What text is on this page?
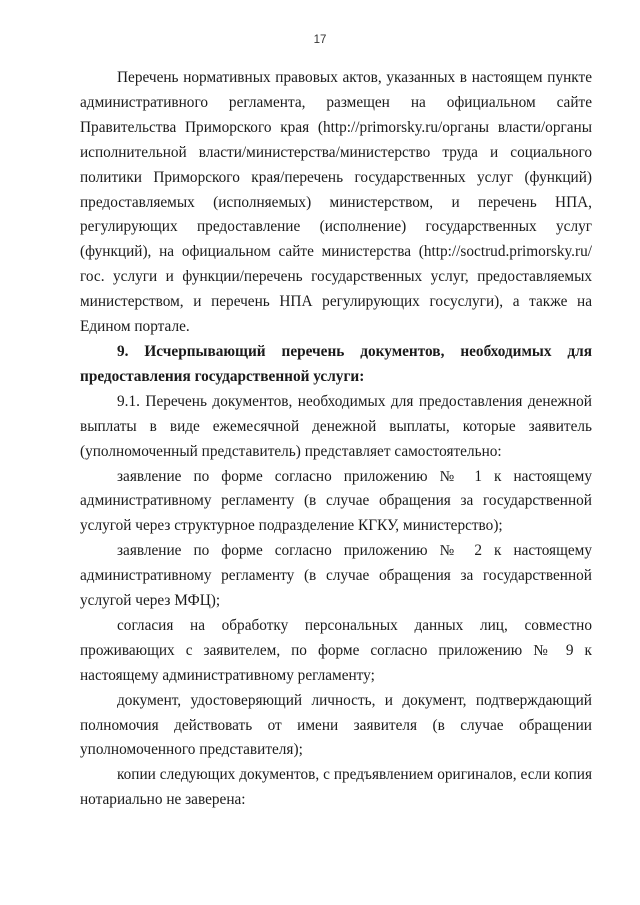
17

Перечень нормативных правовых актов, указанных в настоящем пункте административного регламента, размещен на официальном сайте Правительства Приморского края (http://primorsky.ru/органы власти/органы исполнительной власти/министерства/министерство труда и социального политики Приморского края/перечень государственных услуг (функций) предоставляемых (исполняемых) министерством, и перечень НПА, регулирующих предоставление (исполнение) государственных услуг (функций), на официальном сайте министерства (http://soctrud.primorsky.ru/гос. услуги и функции/перечень государственных услуг, предоставляемых министерством, и перечень НПА регулирующих госуслуги), а также на Едином портале.

9. Исчерпывающий перечень документов, необходимых для предоставления государственной услуги:

9.1. Перечень документов, необходимых для предоставления денежной выплаты в виде ежемесячной денежной выплаты, которые заявитель (уполномоченный представитель) представляет самостоятельно:

заявление по форме согласно приложению № 1 к настоящему административному регламенту (в случае обращения за государственной услугой через структурное подразделение КГКУ, министерство);

заявление по форме согласно приложению № 2 к настоящему административному регламенту (в случае обращения за государственной услугой через МФЦ);

согласия на обработку персональных данных лиц, совместно проживающих с заявителем, по форме согласно приложению № 9 к настоящему административному регламенту;

документ, удостоверяющий личность, и документ, подтверждающий полномочия действовать от имени заявителя (в случае обращении уполномоченного представителя);

копии следующих документов, с предъявлением оригиналов, если копия нотариально не заверена:
